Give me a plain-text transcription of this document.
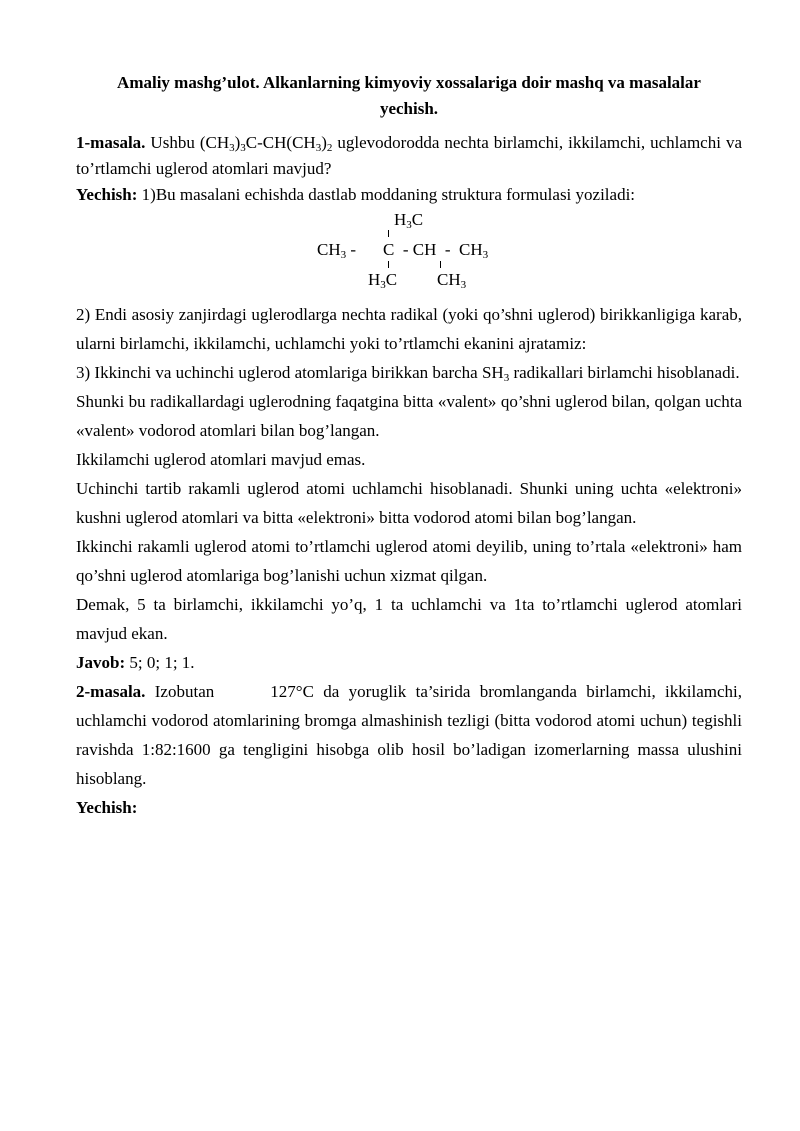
Amaliy mashg’ulot. Alkanlarning kimyoviy xossalariga doir mashq va masalalar
yechish.

1-masala. Ushbu $(CH_3)_3C-CH(CH_3)_2$ uglevodorodda nechta birlamchi, ikkilamchi, uchlamchi va to’rtlamchi uglerod atomlari mavjud?

Yechish: 1)Bu masalani echishda dastlab moddaning struktura formulasi yoziladi:

$H_3C$
$CH_3$ - C  - CH  -  $CH_3$
$H_3C$ $CH_3$

2) Endi asosiy zanjirdagi uglerodlarga nechta radikal (yoki qo’shni uglerod) birikkanligiga karab, ularni birlamchi, ikkilamchi, uchlamchi yoki to’rtlamchi ekanini ajratamiz:

3) Ikkinchi va uchinchi uglerod atomlariga birikkan barcha $SH_3$ radikallari birlamchi hisoblanadi.

Shunki bu radikallardagi uglerodning faqatgina bitta «valent» qo’shni uglerod bilan, qolgan uchta «valent» vodorod atomlari bilan bog’langan.

Ikkilamchi uglerod atomlari mavjud emas.

Uchinchi tartib rakamli uglerod atomi uchlamchi hisoblanadi. Shunki uning uchta «elektroni» kushni uglerod atomlari va bitta «elektroni» bitta vodorod atomi bilan bog’langan.

Ikkinchi rakamli uglerod atomi to’rtlamchi uglerod atomi deyilib, uning to’rtala «elektroni» ham qo’shni uglerod atomlariga bog’lanishi uchun xizmat qilgan.

Demak, 5 ta birlamchi, ikkilamchi yo’q, 1 ta uchlamchi va 1ta to’rtlamchi uglerod atomlari mavjud ekan.

Javob: 5; 0; 1; 1.

2-masala. Izobutan      127°C da yoruglik ta’sirida bromlanganda birlamchi, ikkilamchi, uchlamchi vodorod atomlarining bromga almashinish tezligi (bitta vodorod atomi uchun) tegishli ravishda 1:82:1600 ga tengligini hisobga olib hosil bo’ladigan izomerlarning massa ulushini hisoblang.

Yechish:
